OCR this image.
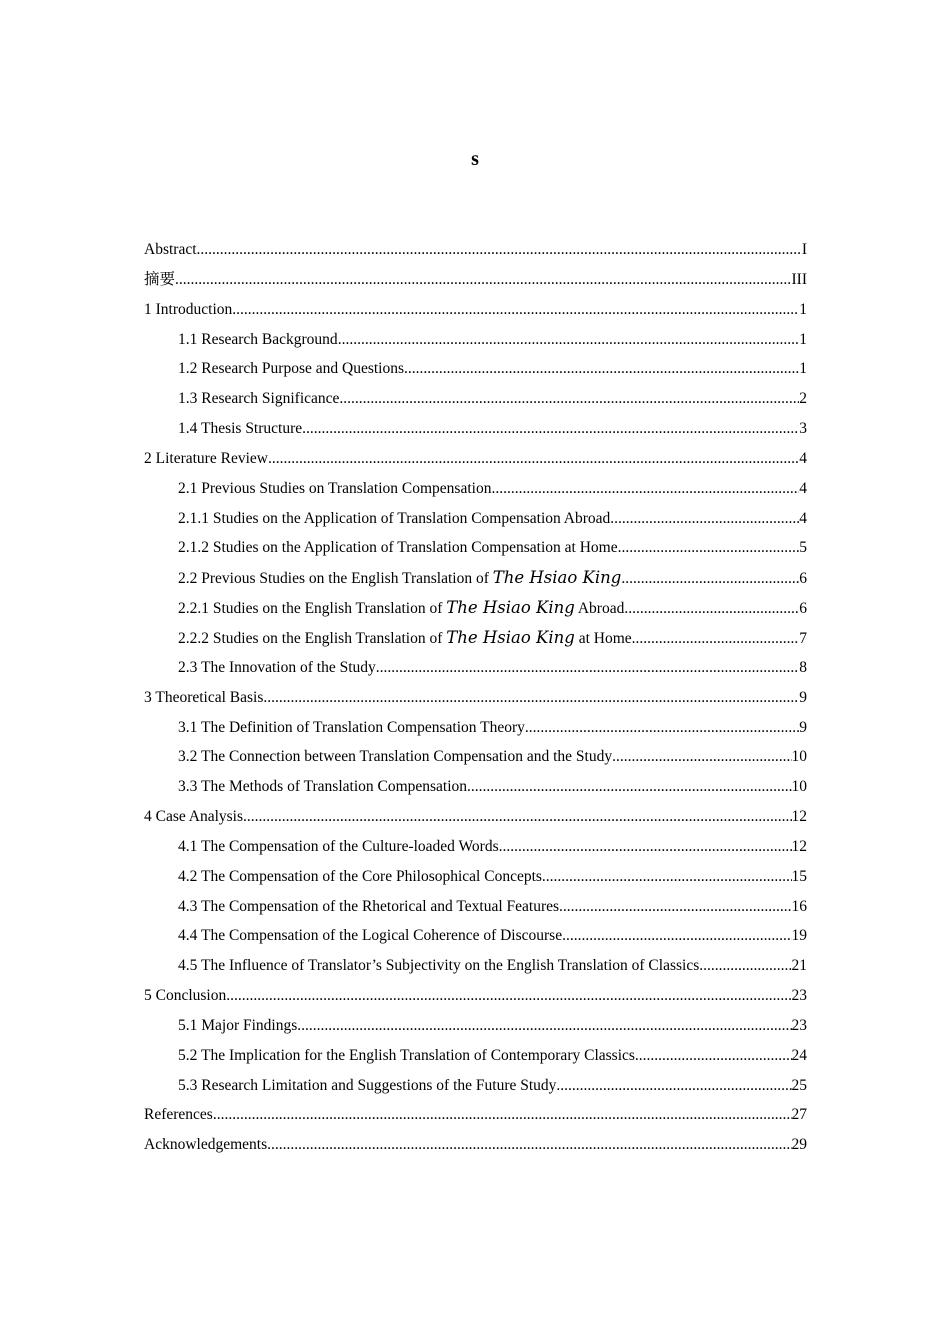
s
Abstract .....	I
摘要 .....	III
1 Introduction .....	1
1.1 Research Background .....	1
1.2 Research Purpose and Questions .....	1
1.3 Research Significance .....	2
1.4 Thesis Structure .....	3
2 Literature Review .....	4
2.1 Previous Studies on Translation Compensation .....	4
2.1.1 Studies on the Application of Translation Compensation Abroad .....	4
2.1.2 Studies on the Application of Translation Compensation at Home .....	5
2.2 Previous Studies on the English Translation of The Hsiao King .....	6
2.2.1 Studies on the English Translation of The Hsiao King Abroad .....	6
2.2.2 Studies on the English Translation of The Hsiao King at Home .....	7
2.3 The Innovation of the Study .....	8
3 Theoretical Basis .....	9
3.1 The Definition of Translation Compensation Theory .....	9
3.2 The Connection between Translation Compensation and the Study .....	10
3.3 The Methods of Translation Compensation .....	10
4 Case Analysis .....	12
4.1 The Compensation of the Culture-loaded Words .....	12
4.2 The Compensation of the Core Philosophical Concepts .....	15
4.3 The Compensation of the Rhetorical and Textual Features .....	16
4.4 The Compensation of the Logical Coherence of Discourse .....	19
4.5 The Influence of Translator’s Subjectivity on the English Translation of Classics .....	21
5 Conclusion .....	23
5.1 Major Findings .....	23
5.2 The Implication for the English Translation of Contemporary Classics .....	24
5.3 Research Limitation and Suggestions of the Future Study .....	25
References .....	27
Acknowledgements .....	29
